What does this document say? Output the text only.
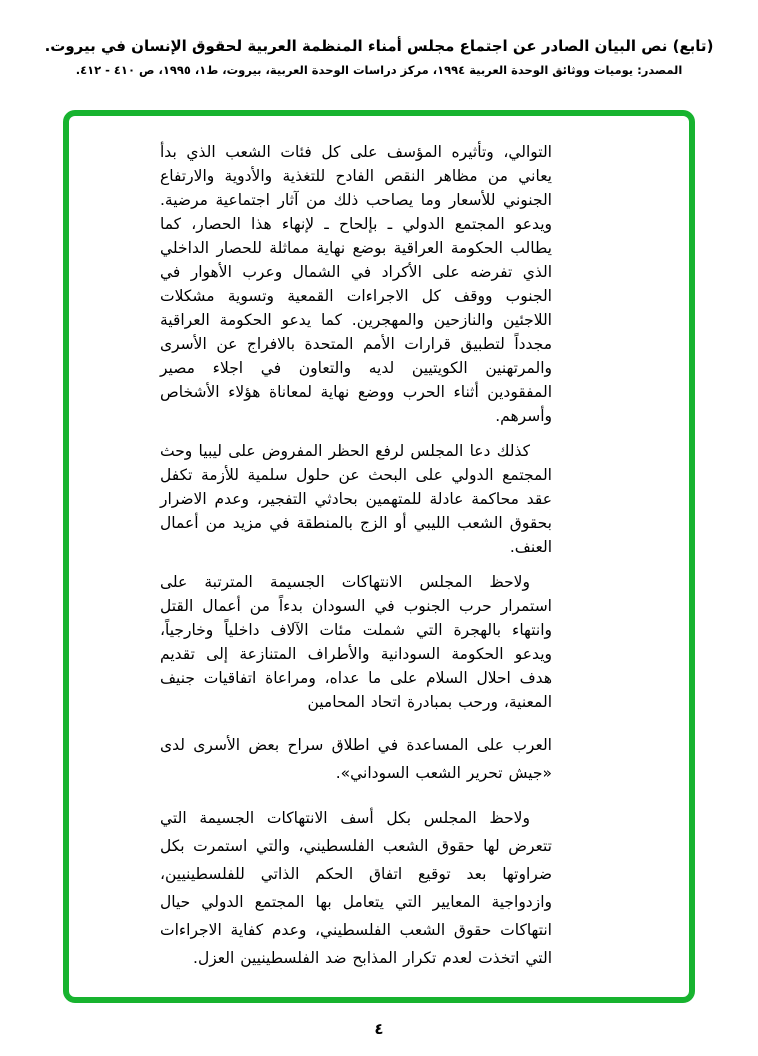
(تابع) نص البيان الصادر عن اجتماع مجلس أمناء المنظمة العربية لحقوق الإنسان في بيروت.
المصدر: يوميات ووثائق الوحدة العربية ١٩٩٤، مركز دراسات الوحدة العربية، بيروت، ط١، ١٩٩٥، ص ٤١٠ - ٤١٢.

التوالي، وتأثيره المؤسف على كل فئات الشعب الذي بدأ يعاني من مظاهر النقص الفادح للتغذية والأدوية والارتفاع الجنوني للأسعار وما يصاحب ذلك من آثار اجتماعية مرضية. ويدعو المجتمع الدولي ـ بإلحاح ـ لإنهاء هذا الحصار، كما يطالب الحكومة العراقية بوضع نهاية مماثلة للحصار الداخلي الذي تفرضه على الأكراد في الشمال وعرب الأهوار في الجنوب ووقف كل الاجراءات القمعية وتسوية مشكلات اللاجئين والنازحين والمهجرين. كما يدعو الحكومة العراقية مجدداً لتطبيق قرارات الأمم المتحدة بالافراج عن الأسرى والمرتهنين الكويتيين لديه والتعاون في اجلاء مصير المفقودين أثناء الحرب ووضع نهاية لمعاناة هؤلاء الأشخاص وأسرهم.

كذلك دعا المجلس لرفع الحظر المفروض على ليبيا وحث المجتمع الدولي على البحث عن حلول سلمية للأزمة تكفل عقد محاكمة عادلة للمتهمين بحادثي التفجير، وعدم الاضرار بحقوق الشعب الليبي أو الزج بالمنطقة في مزيد من أعمال العنف.

ولاحظ المجلس الانتهاكات الجسيمة المترتبة على استمرار حرب الجنوب في السودان بدءاً من أعمال القتل وانتهاء بالهجرة التي شملت مئات الآلاف داخلياً وخارجياً، ويدعو الحكومة السودانية والأطراف المتنازعة إلى تقديم هدف احلال السلام على ما عداه، ومراعاة اتفاقيات جنيف المعنية، ورحب بمبادرة اتحاد المحامين

العرب على المساعدة في اطلاق سراح بعض الأسرى لدى «جيش تحرير الشعب السوداني».

ولاحظ المجلس بكل أسف الانتهاكات الجسيمة التي تتعرض لها حقوق الشعب الفلسطيني، والتي استمرت بكل ضراوتها بعد توقيع اتفاق الحكم الذاتي للفلسطينيين، وازدواجية المعايير التي يتعامل بها المجتمع الدولي حيال انتهاكات حقوق الشعب الفلسطيني، وعدم كفاية الاجراءات التي اتخذت لعدم تكرار المذابح ضد الفلسطينيين العزل.

٤
